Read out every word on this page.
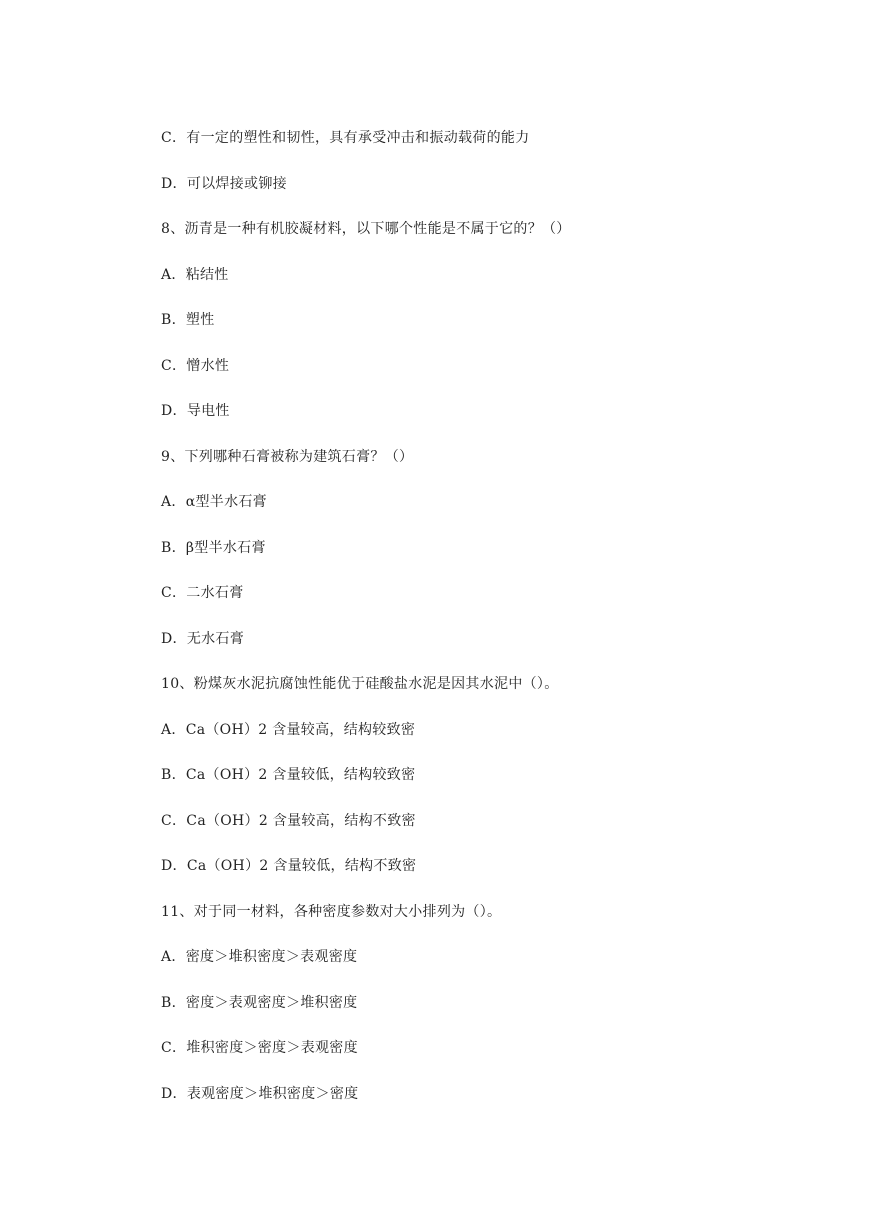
C．有一定的塑性和韧性，具有承受冲击和振动载荷的能力
D．可以焊接或铆接
8、沥青是一种有机胶凝材料，以下哪个性能是不属于它的？（）
A．粘结性
B．塑性
C．憎水性
D．导电性
9、下列哪种石膏被称为建筑石膏？（）
A．α型半水石膏
B．β型半水石膏
C．二水石膏
D．无水石膏
10、粉煤灰水泥抗腐蚀性能优于硅酸盐水泥是因其水泥中（）。
A．Ca（OH）2 含量较高，结构较致密
B．Ca（OH）2 含量较低，结构较致密
C．Ca（OH）2 含量较高，结构不致密
D．Ca（OH）2 含量较低，结构不致密
11、对于同一材料，各种密度参数对大小排列为（）。
A．密度＞堆积密度＞表观密度
B．密度＞表观密度＞堆积密度
C．堆积密度＞密度＞表观密度
D．表观密度＞堆积密度＞密度
